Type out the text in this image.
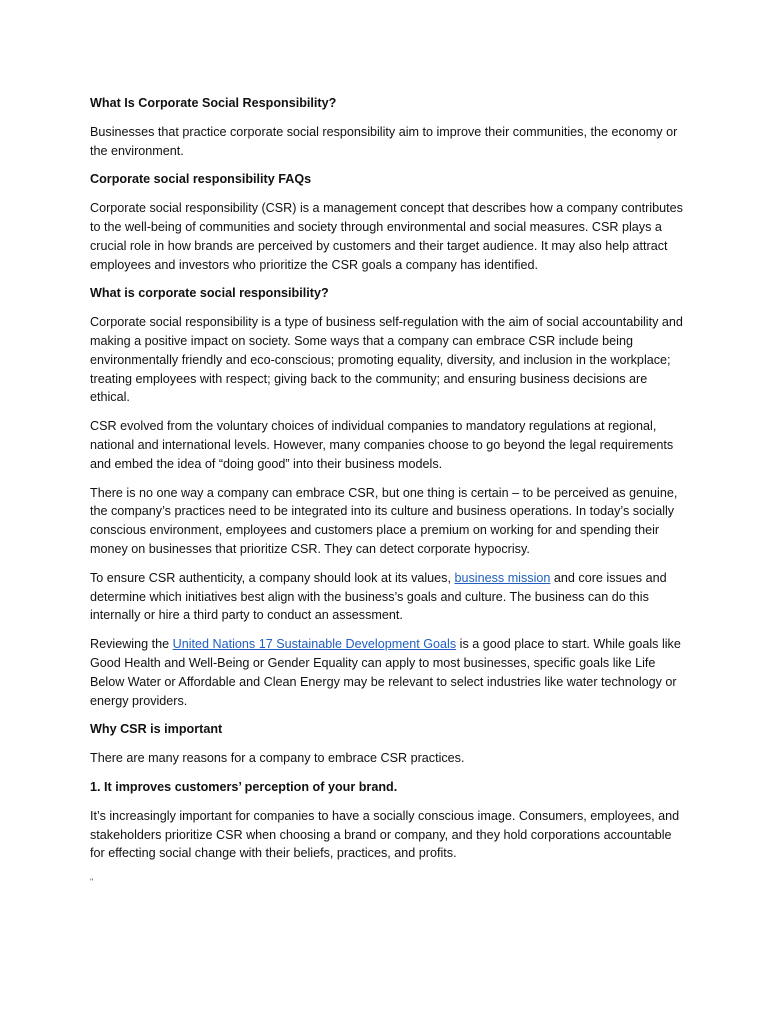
What Is Corporate Social Responsibility?

Businesses that practice corporate social responsibility aim to improve their communities, the economy or the environment.

Corporate social responsibility FAQs

Corporate social responsibility (CSR) is a management concept that describes how a company contributes to the well-being of communities and society through environmental and social measures. CSR plays a crucial role in how brands are perceived by customers and their target audience. It may also help attract employees and investors who prioritize the CSR goals a company has identified.

What is corporate social responsibility?

Corporate social responsibility is a type of business self-regulation with the aim of social accountability and making a positive impact on society. Some ways that a company can embrace CSR include being environmentally friendly and eco-conscious; promoting equality, diversity, and inclusion in the workplace; treating employees with respect; giving back to the community; and ensuring business decisions are ethical.

CSR evolved from the voluntary choices of individual companies to mandatory regulations at regional, national and international levels. However, many companies choose to go beyond the legal requirements and embed the idea of “doing good” into their business models.

There is no one way a company can embrace CSR, but one thing is certain – to be perceived as genuine, the company’s practices need to be integrated into its culture and business operations. In today’s socially conscious environment, employees and customers place a premium on working for and spending their money on businesses that prioritize CSR. They can detect corporate hypocrisy.

To ensure CSR authenticity, a company should look at its values, business mission and core issues and determine which initiatives best align with the business’s goals and culture. The business can do this internally or hire a third party to conduct an assessment.

Reviewing the United Nations 17 Sustainable Development Goals is a good place to start. While goals like Good Health and Well-Being or Gender Equality can apply to most businesses, specific goals like Life Below Water or Affordable and Clean Energy may be relevant to select industries like water technology or energy providers.

Why CSR is important

There are many reasons for a company to embrace CSR practices.

1. It improves customers’ perception of your brand.

It’s increasingly important for companies to have a socially conscious image. Consumers, employees, and stakeholders prioritize CSR when choosing a brand or company, and they hold corporations accountable for effecting social change with their beliefs, practices, and profits.

"
